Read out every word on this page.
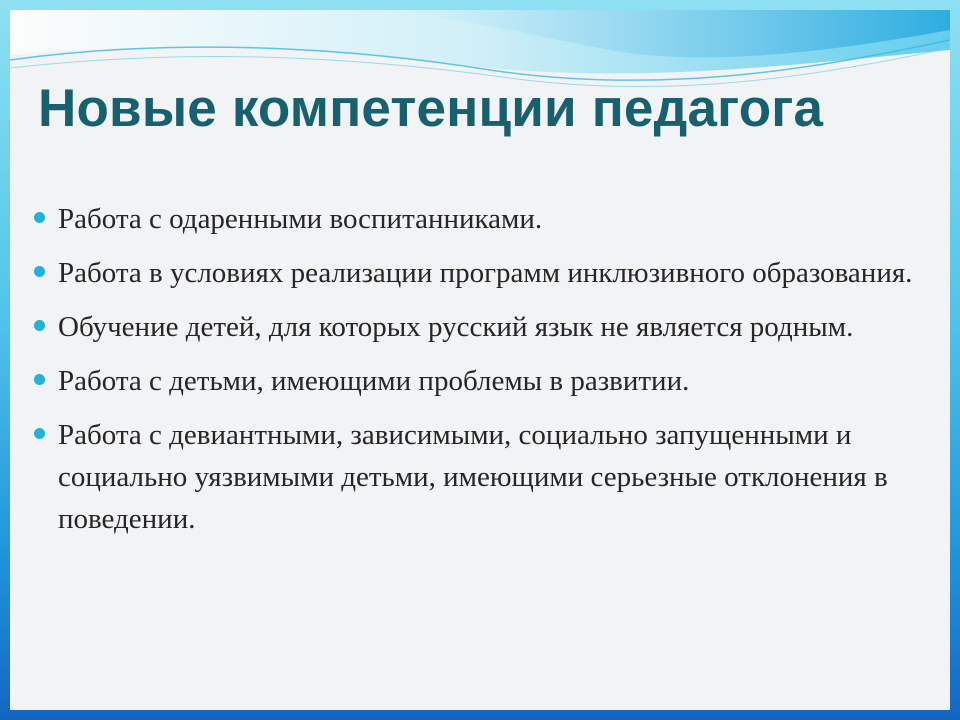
Новые компетенции педагога
Работа с одаренными воспитанниками.
Работа в условиях реализации программ инклюзивного образования.
Обучение детей, для которых русский язык не является родным.
Работа с детьми, имеющими проблемы в развитии.
Работа с девиантными, зависимыми, социально запущенными и социально уязвимыми детьми, имеющими серьезные отклонения в поведении.
